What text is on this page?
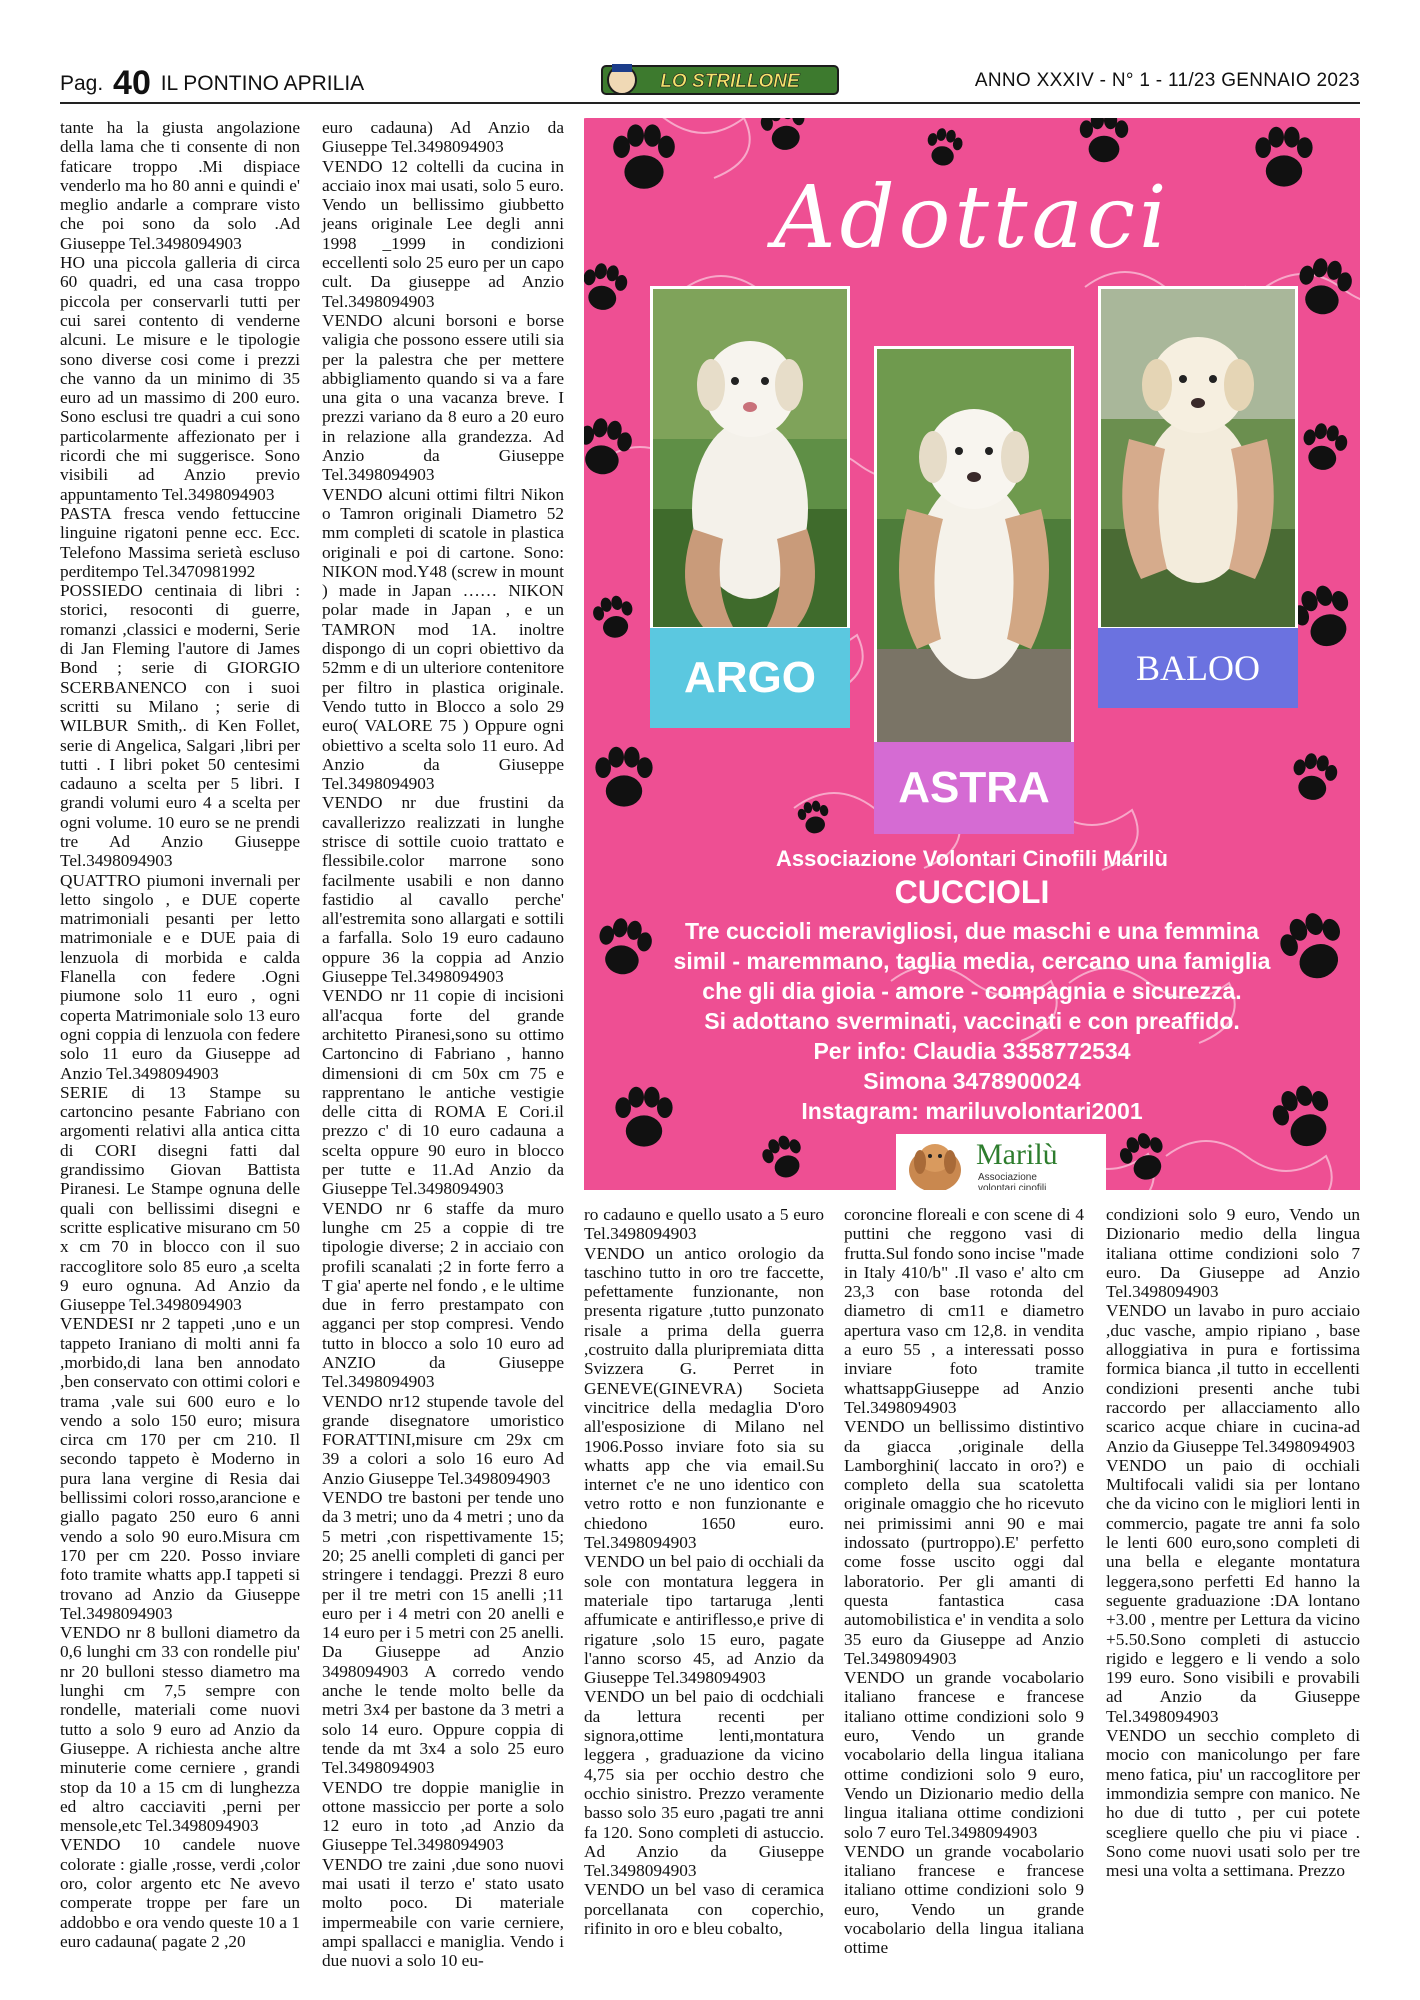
Pag. 40 IL PONTINO APRILIA	LO STRILLONE	ANNO XXXIV - N° 1 - 11/23 GENNAIO 2023

tante ha la giusta angolazione della lama che ti consente di non faticare troppo .Mi dispiace venderlo ma ho 80 anni e quindi e' meglio andarle a comprare visto che poi sono da solo .Ad Giuseppe Tel.3498094903

HO una piccola galleria di circa 60 quadri, ed una casa troppo piccola per conservarli tutti per cui sarei contento di venderne alcuni. Le misure e le tipologie sono diverse cosi come i prezzi che vanno da un minimo di 35 euro ad un massimo di 200 euro. Sono esclusi tre quadri a cui sono particolarmente affezionato per i ricordi che mi suggerisce. Sono visibili ad Anzio previo appuntamento Tel.3498094903

PASTA fresca vendo fettuccine linguine rigatoni penne ecc. Ecc. Telefono Massima serietà escluso perditempo Tel.3470981992

POSSIEDO centinaia di libri : storici, resoconti di guerre, romanzi ,classici e moderni, Serie di Jan Fleming l'autore di James Bond ; serie di GIORGIO SCERBANENCO con i suoi scritti su Milano ; serie di WILBUR Smith,. di Ken Follet, serie di Angelica, Salgari ,libri per tutti . I libri poket 50 centesimi cadauno a scelta per 5 libri. I grandi volumi euro 4 a scelta per ogni volume. 10 euro se ne prendi tre Ad Anzio Giuseppe Tel.3498094903

QUATTRO piumoni invernali per letto singolo , e DUE copertе matrimoniali pesanti per letto matrimoniale e e DUE paia di lenzuola di morbida e calda Flanella con federe .Ogni piumone solo 11 euro , ogni coperta Matrimoniale solo 13 euro ogni coppia di lenzuola con federe solo 11 euro da Giuseppe ad Anzio Tel.3498094903

SERIE di 13 Stampe su cartoncino pesante Fabriano con argomenti relativi alla antica citta di CORI disegni fatti dal grandissimo Giovan Battista Piranesi. Le Stampe ognuna delle quali con bellissimi disegni e scritte esplicative misurano cm 50 x cm 70 in blocco con il suo raccoglitore solo 85 euro ,a scelta 9 euro ognuna. Ad Anzio da Giuseppe Tel.3498094903

VENDESI nr 2 tappeti ,uno e un tappeto Iraniano di molti anni fa ,morbido,di lana ben annodato ,ben conservato con ottimi colori e trama ,vale sui 600 euro e lo vendo a solo 150 euro; misura circa cm 170 per cm 210. Il secondo tappeto è Moderno in pura lana vergine di Resia dai bellissimi colori rosso,arancione e giallo pagato 250 euro 6 anni vendo a solo 90 euro.Misura cm 170 per cm 220. Posso inviare foto tramite whatts app.I tappeti si trovano ad Anzio da Giuseppe Tel.3498094903

VENDO nr 8 bulloni diametro da 0,6 lunghi cm 33 con rondelle piu' nr 20 bulloni stesso diametro ma lunghi cm 7,5 sempre con rondelle, materiali come nuovi tutto a solo 9 euro ad Anzio da Giuseppe. A richiesta anche altre minuterie come cerniere , grandi stop da 10 a 15 cm di lunghezza ed altro cacciaviti ,perni per mensole,etc Tel.3498094903

VENDO 10 candele nuove colorate : gialle ,rosse, verdi ,color oro, color argento etc Ne avevo comperate troppe per fare un addobbo e ora vendo queste 10 a 1 euro cadauna( pagate 2 ,20

euro cadauna) Ad Anzio da Giuseppe Tel.3498094903

VENDO 12 coltelli da cucina in acciaio inox mai usati, solo 5 euro. Vendo un bellissimo giubbetto jeans originale Lee degli anni 1998 _1999 in condizioni eccellenti solo 25 euro per un capo cult. Da giuseppe ad Anzio Tel.3498094903

VENDO alcuni borsoni e borse valigia che possono essere utili sia per la palestra che per mettere abbigliamento quando si va a fare una gita o una vacanza breve. I prezzi variano da 8 euro a 20 euro in relazione alla grandezza. Ad Anzio da Giuseppe Tel.3498094903

VENDO alcuni ottimi filtri Nikon o Tamron originali Diametro 52 mm completi di scatole in plastica originali e poi di cartone. Sono: NIKON mod.Y48 (screw in mount ) made in Japan …… NIKON polar made in Japan , e un TAMRON mod 1A. inoltre dispongo di un copri obiettivo da 52mm e di un ulteriore contenitore per filtro in plastica originale. Vendo tutto in Blocco a solo 29 euro( VALORE 75 ) Oppure ogni obiettivo a scelta solo 11 euro. Ad Anzio da Giuseppe Tel.3498094903

VENDO nr due frustini da cavallerizzo realizzati in lunghe strisce di sottile cuoio trattato e flessibile.color marrone sono facilmente usabili e non danno fastidio al cavallo perche' all'estremita sono allargati e sottili a farfalla. Solo 19 euro cadauno oppure 36 la coppia ad Anzio Giuseppe Tel.3498094903

VENDO nr 11 copie di incisioni all'acqua forte del grande architetto Piranesi,sono su ottimo Cartoncino di Fabriano , hanno dimensioni di cm 50x cm 75 e rapprentano le antiche vestigie delle citta di ROMA E Cori.il prezzo c' di 10 euro cadauna a scelta oppure 90 euro in blocco per tutte e 11.Ad Anzio da Giuseppe Tel.3498094903

VENDO nr 6 staffe da muro lunghe cm 25 a coppie di tre tipologie diverse; 2 in acciaio con profili scanalati ;2 in forte ferro a T gia' aperte nel fondo , e le ultime due in ferro prestampato con agganci per stop compresi. Vendo tutto in blocco a solo 10 euro ad ANZIO da Giuseppe Tel.3498094903

VENDO nr12 stupende tavole del grande disegnatore umoristico FORATTINI,misure cm 29x cm 39 a colori a solo 16 euro Ad Anzio Giuseppe Tel.3498094903

VENDO tre bastoni per tende uno da 3 metri; uno da 4 metri ; uno da 5 metri ,con rispettivamente 15; 20; 25 anelli completi di ganci per stringere i tendaggi. Prezzi 8 euro per il tre metri con 15 anelli ;11 euro per i 4 metri con 20 anelli e 14 euro per i 5 metri con 25 anelli. Da Giuseppe ad Anzio 3498094903 A corredo vendo anche le tende molto belle da metri 3x4 per bastone da 3 metri a solo 14 euro. Oppure coppia di tende da mt 3x4 a solo 25 euro Tel.3498094903

VENDO tre doppie maniglie in ottone massiccio per porte a solo 12 euro in toto ,ad Anzio da Giuseppe Tel.3498094903

VENDO tre zaini ,due sono nuovi mai usati il terzo e' stato usato molto poco. Di materiale impermeabile con varie cerniere, ampi spallacci e maniglia. Vendo i due nuovi a solo 10 eu-

ro cadauno e quello usato a 5 euro Tel.3498094903

VENDO un antico orologio da taschino tutto in oro tre faccette, pefettamente funzionante, non presenta rigature ,tutto punzonato risale a prima della guerra ,costruito dalla pluripremiata ditta Svizzera G. Perret in GENEVE(GINEVRA) Societa vincitrice della medaglia D'oro all'esposizione di Milano nel 1906.Posso inviare foto sia su whatts app che via email.Su internet c'e ne uno identico con vetro rotto e non funzionante e chiedono 1650 euro. Tel.3498094903

VENDO un bel paio di occhiali da sole con montatura leggera in materiale tipo tartaruga ,lenti affumicate e antiriflesso,e prive di rigature ,solo 15 euro, pagate l'anno scorso 45, ad Anzio da Giuseppe Tel.3498094903

VENDO un bel paio di ocdchiali da lettura recenti per signora,ottime lenti,montatura leggera , graduazione da vicino 4,75 sia per occhio destro che occhio sinistro. Prezzo veramente basso solo 35 euro ,pagati tre anni fa 120. Sono completi di astuccio. Ad Anzio da Giuseppe Tel.3498094903

VENDO un bel vaso di ceramica porcellanata con coperchio, rifinito in oro e bleu cobalto,

coroncine floreali e con scene di 4 puttini che reggono vasi di frutta.Sul fondo sono incise "made in Italy 410/b" .Il vaso e' alto cm 23,3 con base rotonda del diametro di cm11 e diametro apertura vaso cm 12,8. in vendita a euro 55 , a interessati posso inviare foto tramite whattsappGiuseppe ad Anzio Tel.3498094903

VENDO un bellissimo distintivo da giacca ,originale della Lamborghini( laccato in oro?) e completo della sua scatoletta originale omaggio che ho ricevuto nei primissimi anni 90 e mai indossato (purtroppo).E' perfetto come fosse uscito oggi dal laboratorio. Per gli amanti di questa fantastica casa automobilistica e' in vendita a solo 35 euro da Giuseppe ad Anzio Tel.3498094903

VENDO un grande vocabolario italiano francese e francese italiano ottime condizioni solo 9 euro, Vendo un grande vocabolario della lingua italiana ottime condizioni solo 9 euro, Vendo un Dizionario medio della lingua italiana ottime condizioni solo 7 euro Tel.3498094903

VENDO un grande vocabolario italiano francese e francese italiano ottime condizioni solo 9 euro, Vendo un grande vocabolario della lingua italiana ottime

condizioni solo 9 euro, Vendo un Dizionario medio della lingua italiana ottime condizioni solo 7 euro. Da Giuseppe ad Anzio Tel.3498094903

VENDO un lavabo in puro acciaio ,duc vasche, ampio ripiano , base alloggiativa in pura e fortissima formica bianca ,il tutto in eccellenti condizioni presenti anche tubi raccordo per allacciamento allo scarico acque chiare in cucina-ad Anzio da Giuseppe Tel.3498094903

VENDO un paio di occhiali Multifocali validi sia per lontano che da vicino con le migliori lenti in commercio, pagate tre anni fa solo le lenti 600 euro,sono completi di una bella e elegante montatura leggera,sono perfetti Ed hanno la seguente graduazione :DA lontano +3.00 , mentre per Lettura da vicino +5.50.Sono completi di astuccio rigido e leggero e li vendo a solo 199 euro. Sono visibili e provabili ad Anzio da Giuseppe Tel.3498094903

VENDO un secchio completo di mocio con manicolungo per fare meno fatica, piu' un raccoglitore per immondizia sempre con manico. Ne ho due di tutto , per cui potete scegliere quello che piu vi piace . Sono come nuovi usati solo per tre mesi una volta a settimana. Prezzo

Adottaci
ARGO
ASTRA
BALOO
Associazione Volontari Cinofili Marilù
CUCCIOLI
Tre cuccioli meravigliosi, due maschi e una femmina
simil - maremmano, taglia media, cercano una famiglia
che gli dia gioia - amore - compagnia e sicurezza.
Si adottano sverminati, vaccinati e con preaffido.
Per info: Claudia 3358772534
Simona 3478900024
Instagram: mariluvolontari2001
Marilù
Associazione
volontari cinofili
